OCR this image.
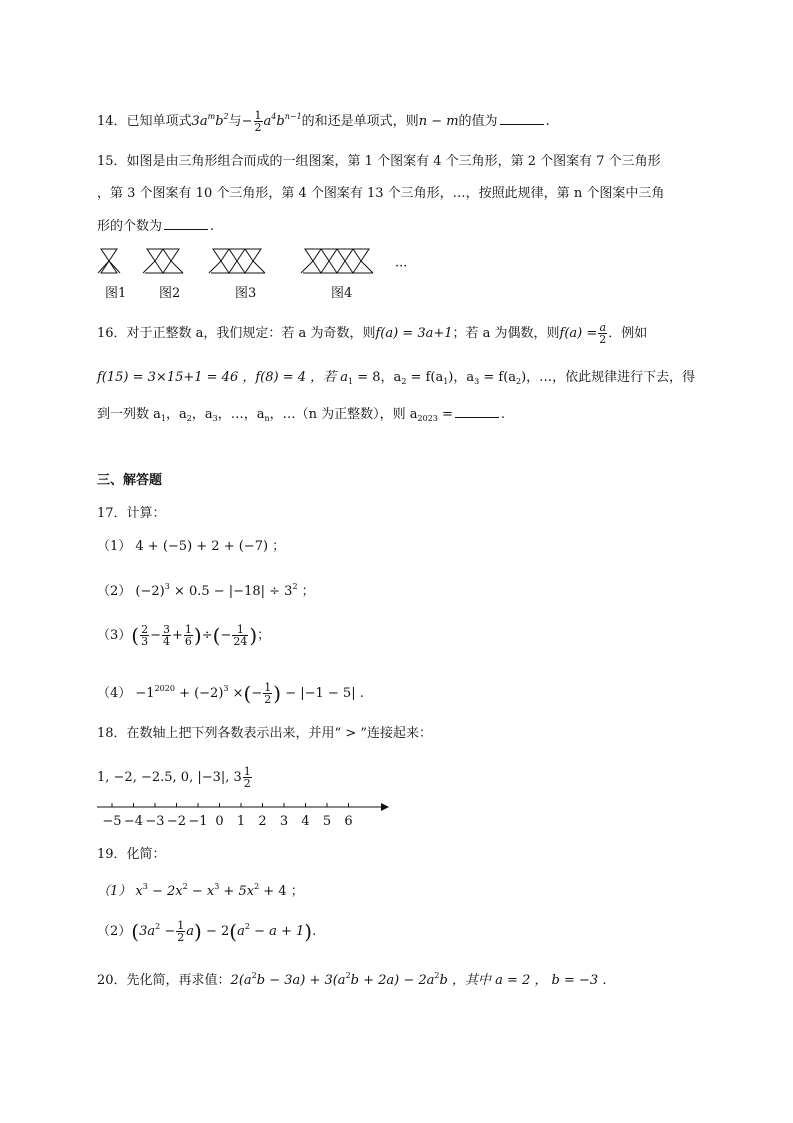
14．已知单项式$3a^mb^2$与− $\frac{1}{2} a^4b^{n-1}$的和还是单项式，则n − m的值为	.
15．如图是由三角形组合而成的一组图案，第 1 个图案有 4 个三角形，第 2 个图案有 7 个三角形
，第 3 个图案有 10 个三角形，第 4 个图案有 13 个三角形，…，按照此规律，第 n 个图案中三角
形的个数为	.
···
图1	图2	图3	图4
16．对于正整数 a，我们规定：若 a 为奇数，则f(a) = 3a+1；若 a 为偶数，则$f(a) = \frac{a}{2}$ ．例如
f(15) = 3×15+1 = 46 ，f(8) = 4 ，若 $a_1 = 8$，$a_2 = f(a_1)$，$a_3 = f(a_2)$，…，依此规律进行下去，得
到一列数 $a_1$，$a_2$，$a_3$，…，$a_n$，…（n 为正整数），则 $a_{2023}$ =	.
三、解答题
17．计算：
（1） 4 + (−5) + 2 + (−7) ；
（2） $(-2)^3 \times 0.5 - |-18| \div 3^2$ ；
$(3)( \frac{2}{3} - \frac{3}{4} + \frac{1}{6}$ )÷(− $\frac{1}{24}$ )；
$(4) -1^{2020} + (-2)^3$ ×(− $\frac{1}{2}$ ) − |−1 − 5| .
18．在数轴上把下列各数表示出来，并用“ > ”连接起来：
1, −2, −2.5, 0, |−3|, $3 \frac{1}{2}$
−5 −4 −3 −2 −1 0 1 2 3 4 5 6
19．化简：
（1） $x^3 - 2x^2 - x^3 + 5x^2 + 4$ ；
$(2)(3a^2 - \frac{1}{2} a) - 2(a^2 - a + 1)$.
20．先化简，再求值：$2(a^2b - 3a) + 3(a^2b + 2a) - 2a^2b$ ，其中 a = 2 ， b = −3 .
